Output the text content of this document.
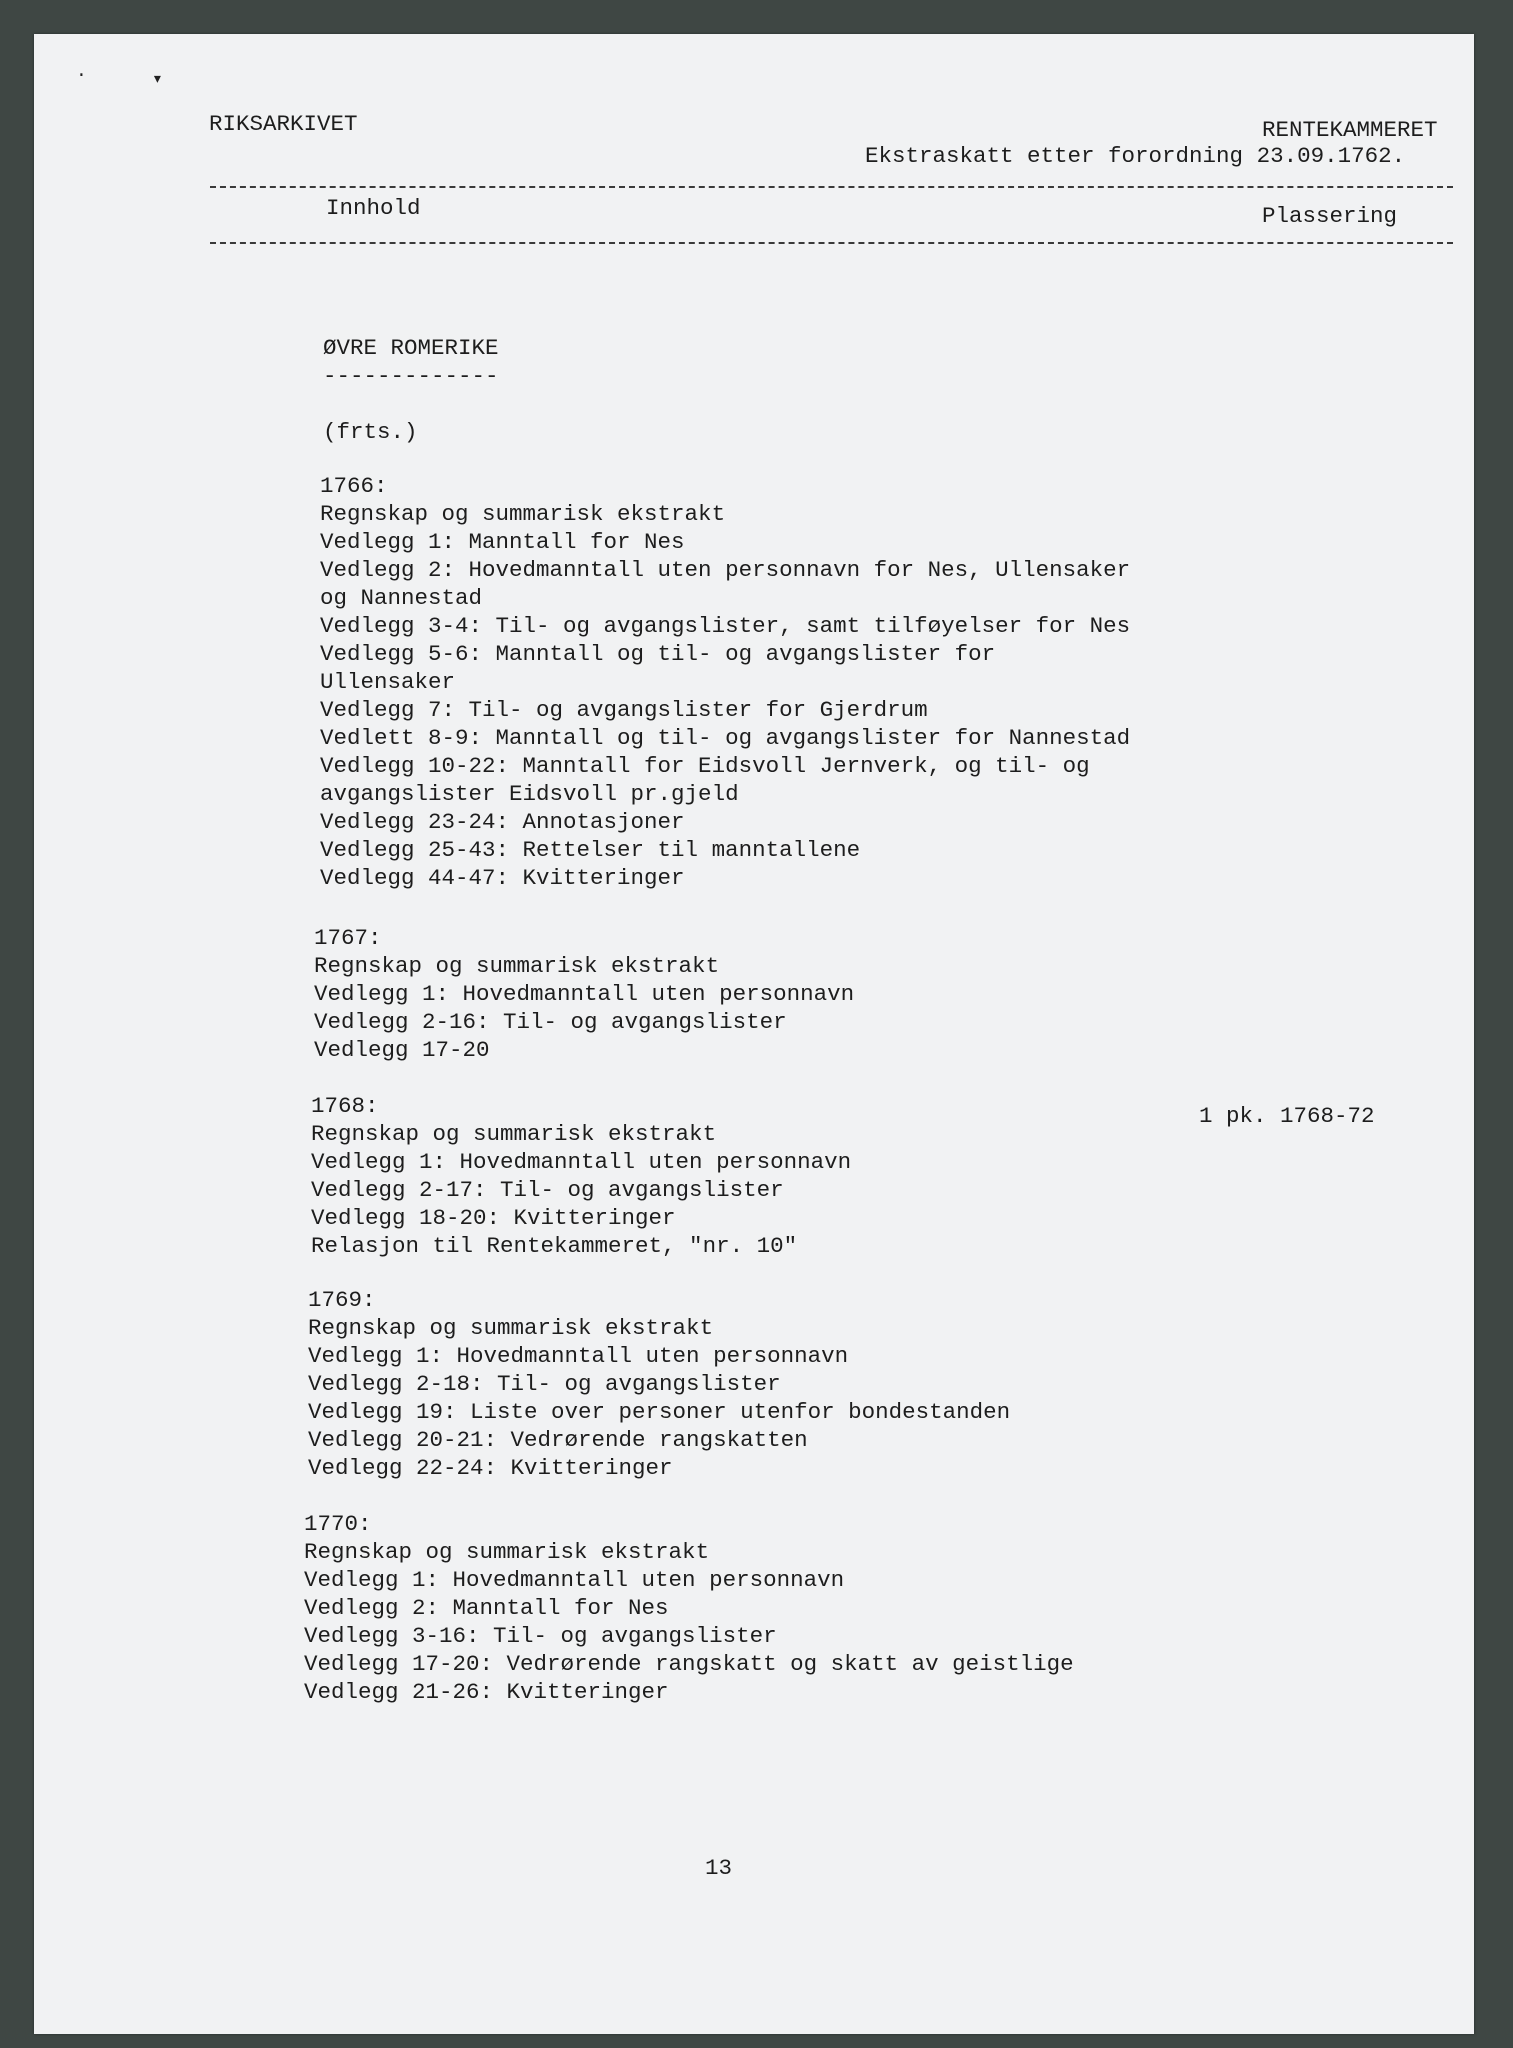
·	▾
RIKSARKIVET	RENTEKAMMERET
Ekstraskatt etter forordning 23.09.1762.
Innhold	Plassering
ØVRE ROMERIKE
-------------
(frts.)
1766:
Regnskap og summarisk ekstrakt
Vedlegg 1: Manntall for Nes
Vedlegg 2: Hovedmanntall uten personnavn for Nes, Ullensaker
og Nannestad
Vedlegg 3-4: Til- og avgangslister, samt tilføyelser for Nes
Vedlegg 5-6: Manntall og til- og avgangslister for
Ullensaker
Vedlegg 7: Til- og avgangslister for Gjerdrum
Vedlett 8-9: Manntall og til- og avgangslister for Nannestad
Vedlegg 10-22: Manntall for Eidsvoll Jernverk, og til- og
avgangslister Eidsvoll pr.gjeld
Vedlegg 23-24: Annotasjoner
Vedlegg 25-43: Rettelser til manntallene
Vedlegg 44-47: Kvitteringer
1767:
Regnskap og summarisk ekstrakt
Vedlegg 1: Hovedmanntall uten personnavn
Vedlegg 2-16: Til- og avgangslister
Vedlegg 17-20
1768:
Regnskap og summarisk ekstrakt
Vedlegg 1: Hovedmanntall uten personnavn
Vedlegg 2-17: Til- og avgangslister
Vedlegg 18-20: Kvitteringer
Relasjon til Rentekammeret, "nr. 10"
1 pk. 1768-72
1769:
Regnskap og summarisk ekstrakt
Vedlegg 1: Hovedmanntall uten personnavn
Vedlegg 2-18: Til- og avgangslister
Vedlegg 19: Liste over personer utenfor bondestanden
Vedlegg 20-21: Vedrørende rangskatten
Vedlegg 22-24: Kvitteringer
1770:
Regnskap og summarisk ekstrakt
Vedlegg 1: Hovedmanntall uten personnavn
Vedlegg 2: Manntall for Nes
Vedlegg 3-16: Til- og avgangslister
Vedlegg 17-20: Vedrørende rangskatt og skatt av geistlige
Vedlegg 21-26: Kvitteringer
13
